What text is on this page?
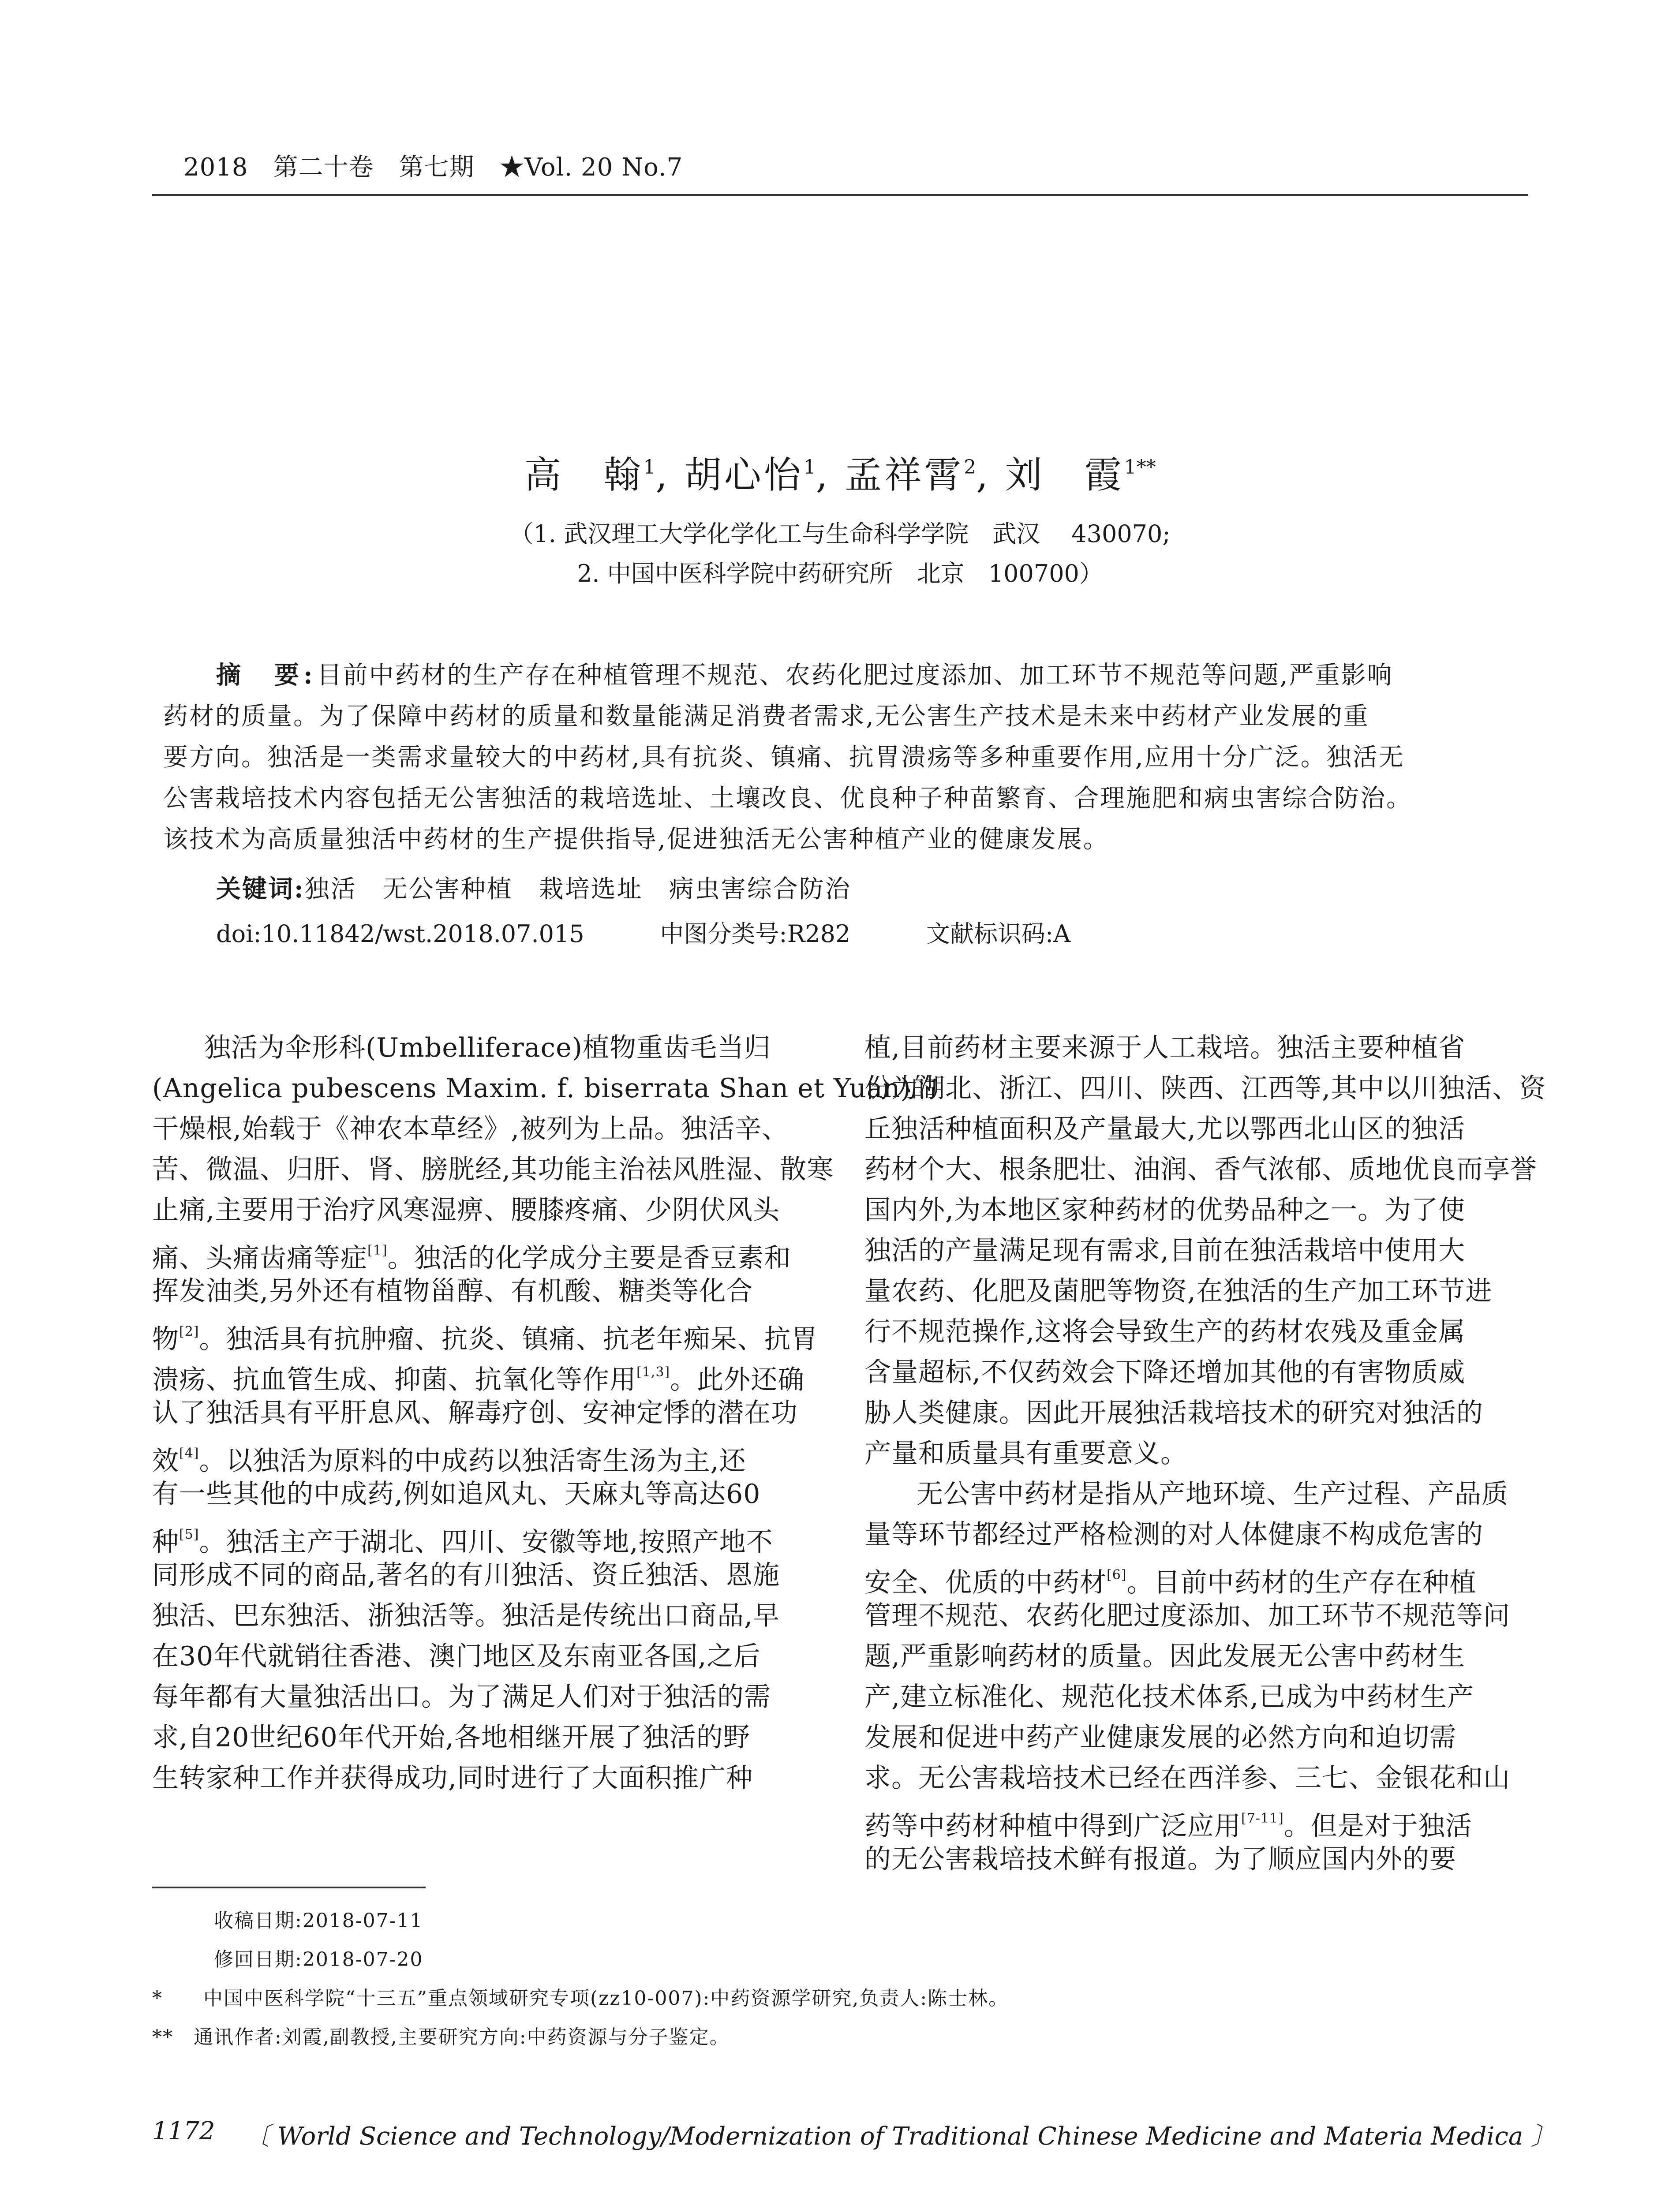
2018　第二十卷　第七期　★Vol. 20 No.7
高　翰$^1$, 胡心怡$^1$, 孟祥霄$^2$, 刘　霞$^{1**}$
（1. 武汉理工大学化学化工与生命科学学院　武汉　 430070;
2. 中国中医科学院中药研究所　北京　100700）
摘　要:目前中药材的生产存在种植管理不规范、农药化肥过度添加、加工环节不规范等问题,严重影响
药材的质量。为了保障中药材的质量和数量能满足消费者需求,无公害生产技术是未来中药材产业发展的重
要方向。独活是一类需求量较大的中药材,具有抗炎、镇痛、抗胃溃疡等多种重要作用,应用十分广泛。独活无
公害栽培技术内容包括无公害独活的栽培选址、土壤改良、优良种子种苗繁育、合理施肥和病虫害综合防治。
该技术为高质量独活中药材的生产提供指导,促进独活无公害种植产业的健康发展。
关键词:独活　无公害种植　栽培选址　病虫害综合防治
doi:10.11842/wst.2018.07.015	中图分类号:R282	文献标识码:A
独活为伞形科(Umbelliferace)植物重齿毛当归
(Angelica pubescens Maxim. f. biserrata Shan et Yuan)的
干燥根,始载于《神农本草经》,被列为上品。独活辛、
苦、微温、归肝、肾、膀胱经,其功能主治祛风胜湿、散寒
止痛,主要用于治疗风寒湿痹、腰膝疼痛、少阴伏风头
痛、头痛齿痛等症[1]。独活的化学成分主要是香豆素和
挥发油类,另外还有植物甾醇、有机酸、糖类等化合
物[2]。独活具有抗肿瘤、抗炎、镇痛、抗老年痴呆、抗胃
溃疡、抗血管生成、抑菌、抗氧化等作用[1,3]。此外还确
认了独活具有平肝息风、解毒疗创、安神定悸的潜在功
效[4]。以独活为原料的中成药以独活寄生汤为主,还
有一些其他的中成药,例如追风丸、天麻丸等高达60
种[5]。独活主产于湖北、四川、安徽等地,按照产地不
同形成不同的商品,著名的有川独活、资丘独活、恩施
独活、巴东独活、浙独活等。独活是传统出口商品,早
在30年代就销往香港、澳门地区及东南亚各国,之后
每年都有大量独活出口。为了满足人们对于独活的需
求,自20世纪60年代开始,各地相继开展了独活的野
生转家种工作并获得成功,同时进行了大面积推广种
植,目前药材主要来源于人工栽培。独活主要种植省
份为湖北、浙江、四川、陕西、江西等,其中以川独活、资
丘独活种植面积及产量最大,尤以鄂西北山区的独活
药材个大、根条肥壮、油润、香气浓郁、质地优良而享誉
国内外,为本地区家种药材的优势品种之一。为了使
独活的产量满足现有需求,目前在独活栽培中使用大
量农药、化肥及菌肥等物资,在独活的生产加工环节进
行不规范操作,这将会导致生产的药材农残及重金属
含量超标,不仅药效会下降还增加其他的有害物质威
胁人类健康。因此开展独活栽培技术的研究对独活的
产量和质量具有重要意义。
无公害中药材是指从产地环境、生产过程、产品质
量等环节都经过严格检测的对人体健康不构成危害的
安全、优质的中药材[6]。目前中药材的生产存在种植
管理不规范、农药化肥过度添加、加工环节不规范等问
题,严重影响药材的质量。因此发展无公害中药材生
产,建立标准化、规范化技术体系,已成为中药材生产
发展和促进中药产业健康发展的必然方向和迫切需
求。无公害栽培技术已经在西洋参、三七、金银花和山
药等中药材种植中得到广泛应用[7-11]。但是对于独活
的无公害栽培技术鲜有报道。为了顺应国内外的要
收稿日期:2018-07-11
修回日期:2018-07-20
*　　中国中医科学院“十三五”重点领域研究专项(zz10-007):中药资源学研究,负责人:陈士林。
**　通讯作者:刘霞,副教授,主要研究方向:中药资源与分子鉴定。
1172 〔 World Science and Technology/Modernization of Traditional Chinese Medicine and Materia Medica 〕
